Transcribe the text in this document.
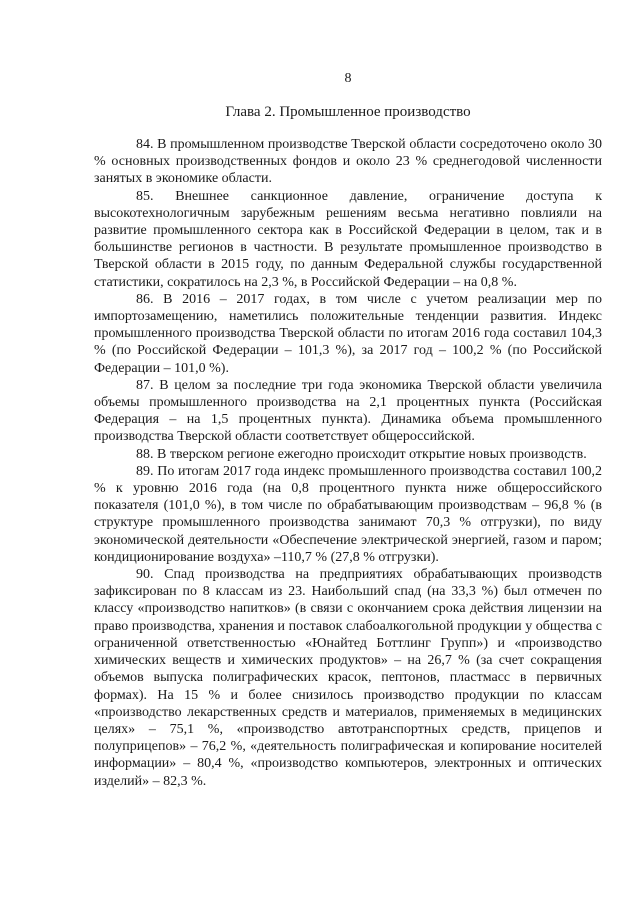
8
Глава 2. Промышленное производство

84. В промышленном производстве Тверской области сосредоточено около 30 % основных производственных фондов и около 23 % среднегодовой численности занятых в экономике области.

85. Внешнее санкционное давление, ограничение доступа к высокотехнологичным зарубежным решениям весьма негативно повлияли на развитие промышленного сектора как в Российской Федерации в целом, так и в большинстве регионов в частности. В результате промышленное производство в Тверской области в 2015 году, по данным Федеральной службы государственной статистики, сократилось на 2,3 %, в Российской Федерации – на 0,8 %.

86. В 2016 – 2017 годах, в том числе с учетом реализации мер по импортозамещению, наметились положительные тенденции развития. Индекс промышленного производства Тверской области по итогам 2016 года составил 104,3 % (по Российской Федерации – 101,3 %), за 2017 год – 100,2 % (по Российской Федерации – 101,0 %).

87. В целом за последние три года экономика Тверской области увеличила объемы промышленного производства на 2,1 процентных пункта (Российская Федерация – на 1,5 процентных пункта). Динамика объема промышленного производства Тверской области соответствует общероссийской.

88. В тверском регионе ежегодно происходит открытие новых производств.

89. По итогам 2017 года индекс промышленного производства составил 100,2 % к уровню 2016 года (на 0,8 процентного пункта ниже общероссийского показателя (101,0 %), в том числе по обрабатывающим производствам – 96,8 % (в структуре промышленного производства занимают 70,3 % отгрузки), по виду экономической деятельности «Обеспечение электрической энергией, газом и паром; кондиционирование воздуха» –110,7 % (27,8 % отгрузки).

90. Спад производства на предприятиях обрабатывающих производств зафиксирован по 8 классам из 23. Наибольший спад (на 33,3 %) был отмечен по классу «производство напитков» (в связи с окончанием срока действия лицензии на право производства, хранения и поставок слабоалкогольной продукции у общества с ограниченной ответственностью «Юнайтед Боттлинг Групп») и «производство химических веществ и химических продуктов» – на 26,7 % (за счет сокращения объемов выпуска полиграфических красок, пептонов, пластмасс в первичных формах). На 15 % и более снизилось производство продукции по классам «производство лекарственных средств и материалов, применяемых в медицинских целях» – 75,1 %, «производство автотранспортных средств, прицепов и полуприцепов» – 76,2 %, «деятельность полиграфическая и копирование носителей информации» – 80,4 %, «производство компьютеров, электронных и оптических изделий» – 82,3 %.
